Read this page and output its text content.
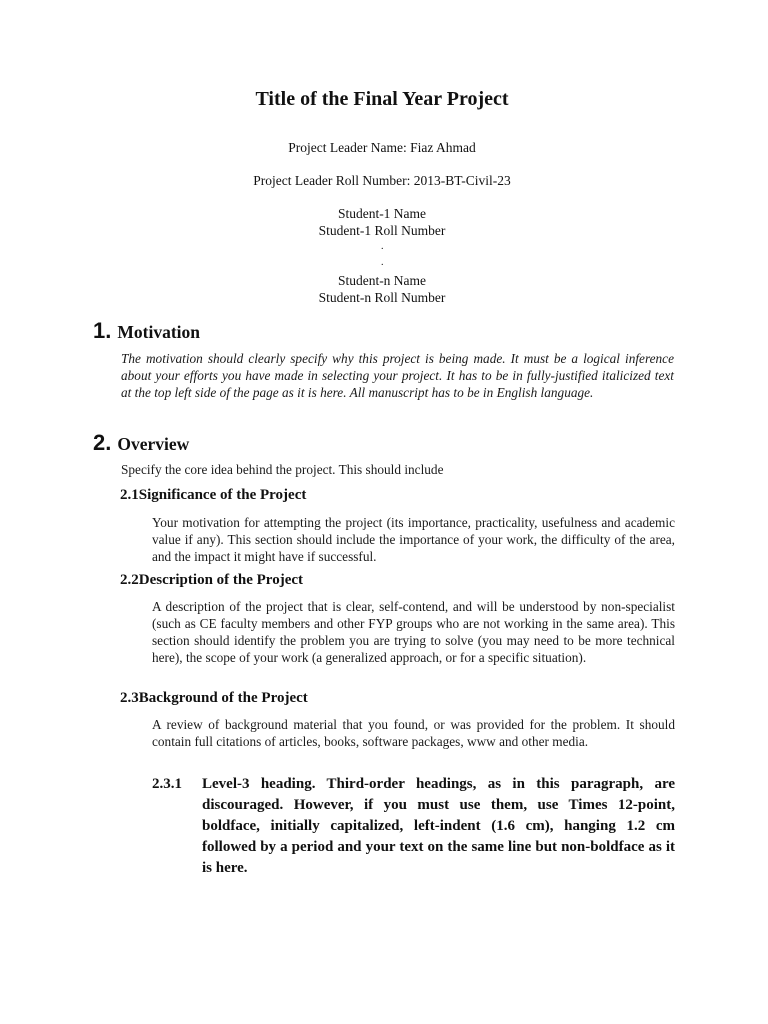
Title of the Final Year Project
Project Leader Name: Fiaz Ahmad
Project Leader Roll Number: 2013-BT-Civil-23
Student-1 Name
Student-1 Roll Number
.
.
Student-n Name
Student-n Roll Number
1. Motivation

The motivation should clearly specify why this project is being made. It must be a logical inference about your efforts you have made in selecting your project. It has to be in fully-justified italicized text at the top left side of the page as it is here. All manuscript has to be in English language.

2. Overview

Specify the core idea behind the project. This should include

2.1Significance of the Project

Your motivation for attempting the project (its importance, practicality, usefulness and academic value if any). This section should include the importance of your work, the difficulty of the area, and the impact it might have if successful.

2.2Description of the Project

A description of the project that is clear, self-contend, and will be understood by non-specialist (such as CE faculty members and other FYP groups who are not working in the same area). This section should identify the problem you are trying to solve (you may need to be more technical here), the scope of your work (a generalized approach, or for a specific situation).

2.3Background of the Project

A review of background material that you found, or was provided for the problem. It should contain full citations of articles, books, software packages, www and other media.

2.3.1	Level-3 heading. Third-order headings, as in this paragraph, are discouraged. However, if you must use them, use Times 12-point, boldface, initially capitalized, left-indent (1.6 cm), hanging 1.2 cm followed by a period and your text on the same line but non-boldface as it is here.
